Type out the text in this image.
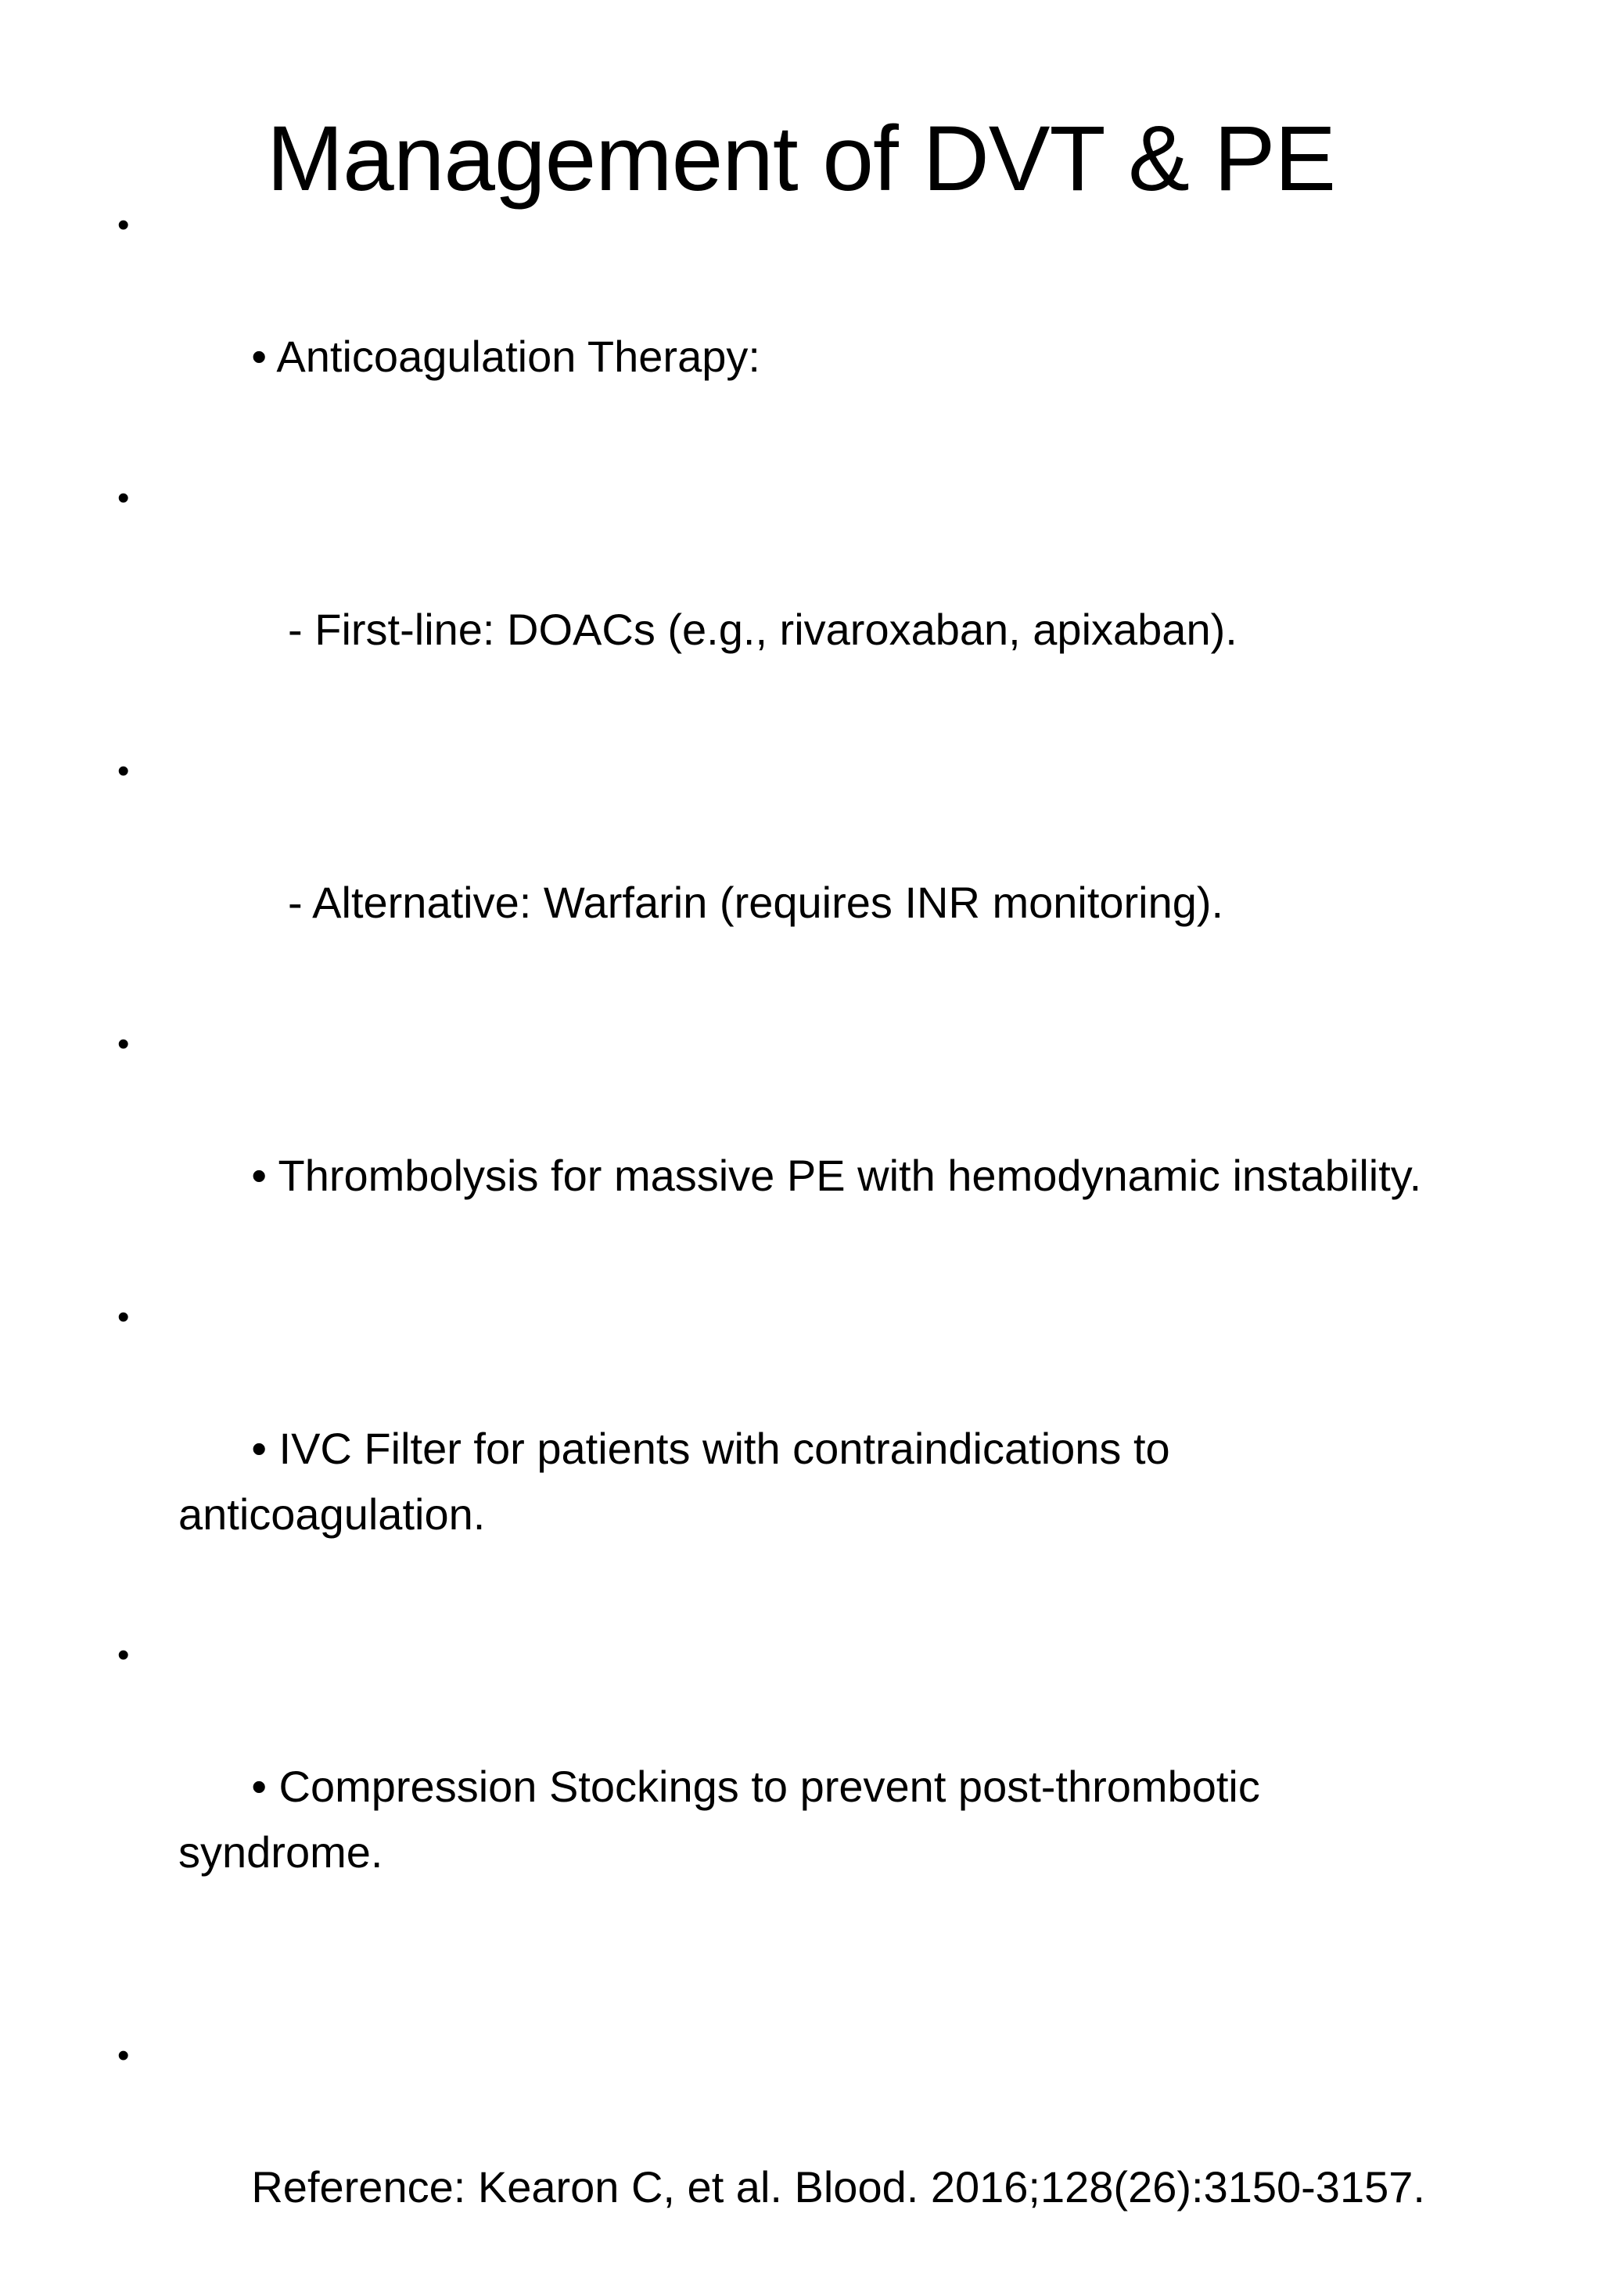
Management of DVT & PE

•

• Anticoagulation Therapy:

•

- First-line: DOACs (e.g., rivaroxaban, apixaban).

•

- Alternative: Warfarin (requires INR monitoring).

•

• Thrombolysis for massive PE with hemodynamic instability.

•

• IVC Filter for patients with contraindications to anticoagulation.

•

• Compression Stockings to prevent post-thrombotic syndrome.

•

Reference: Kearon C, et al. Blood. 2016;128(26):3150-3157.
